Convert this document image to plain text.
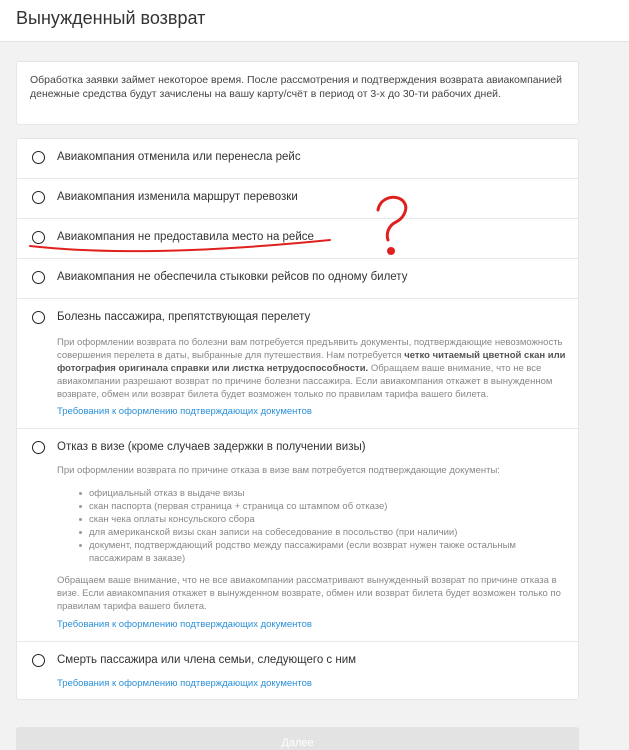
Вынужденный возврат

Обработка заявки займет некоторое время. После рассмотрения и подтверждения возврата авиакомпанией денежные средства будут зачислены на вашу карту/счёт в период от 3-х до 30-ти рабочих дней.

Авиакомпания отменила или перенесла рейс
Авиакомпания изменила маршрут перевозки
Авиакомпания не предоставила место на рейсе
Авиакомпания не обеспечила стыковки рейсов по одному билету
Болезнь пассажира, препятствующая перелету
При оформлении возврата по болезни вам потребуется предъявить документы, подтверждающие невозможность совершения перелета в даты, выбранные для путешествия. Нам потребуется четко читаемый цветной скан или фотография оригинала справки или листка нетрудоспособности. Обращаем ваше внимание, что не все авиакомпании разрешают возврат по причине болезни пассажира. Если авиакомпания откажет в вынужденном возврате, обмен или возврат билета будет возможен только по правилам тарифа вашего билета.
Требования к оформлению подтверждающих документов
Отказ в визе (кроме случаев задержки в получении визы)
При оформлении возврата по причине отказа в визе вам потребуется подтверждающие документы:
официальный отказ в выдаче визы
скан паспорта (первая страница + страница со штампом об отказе)
скан чека оплаты консульского сбора
для американской визы скан записи на собеседование в посольство (при наличии)
документ, подтверждающий родство между пассажирами (если возврат нужен также остальным пассажирам в заказе)
Обращаем ваше внимание, что не все авиакомпании рассматривают вынужденный возврат по причине отказа в визе. Если авиакомпания откажет в вынужденном возврате, обмен или возврат билета будет возможен только по правилам тарифа вашего билета.
Требования к оформлению подтверждающих документов
Смерть пассажира или члена семьи, следующего с ним
Требования к оформлению подтверждающих документов
Далее
